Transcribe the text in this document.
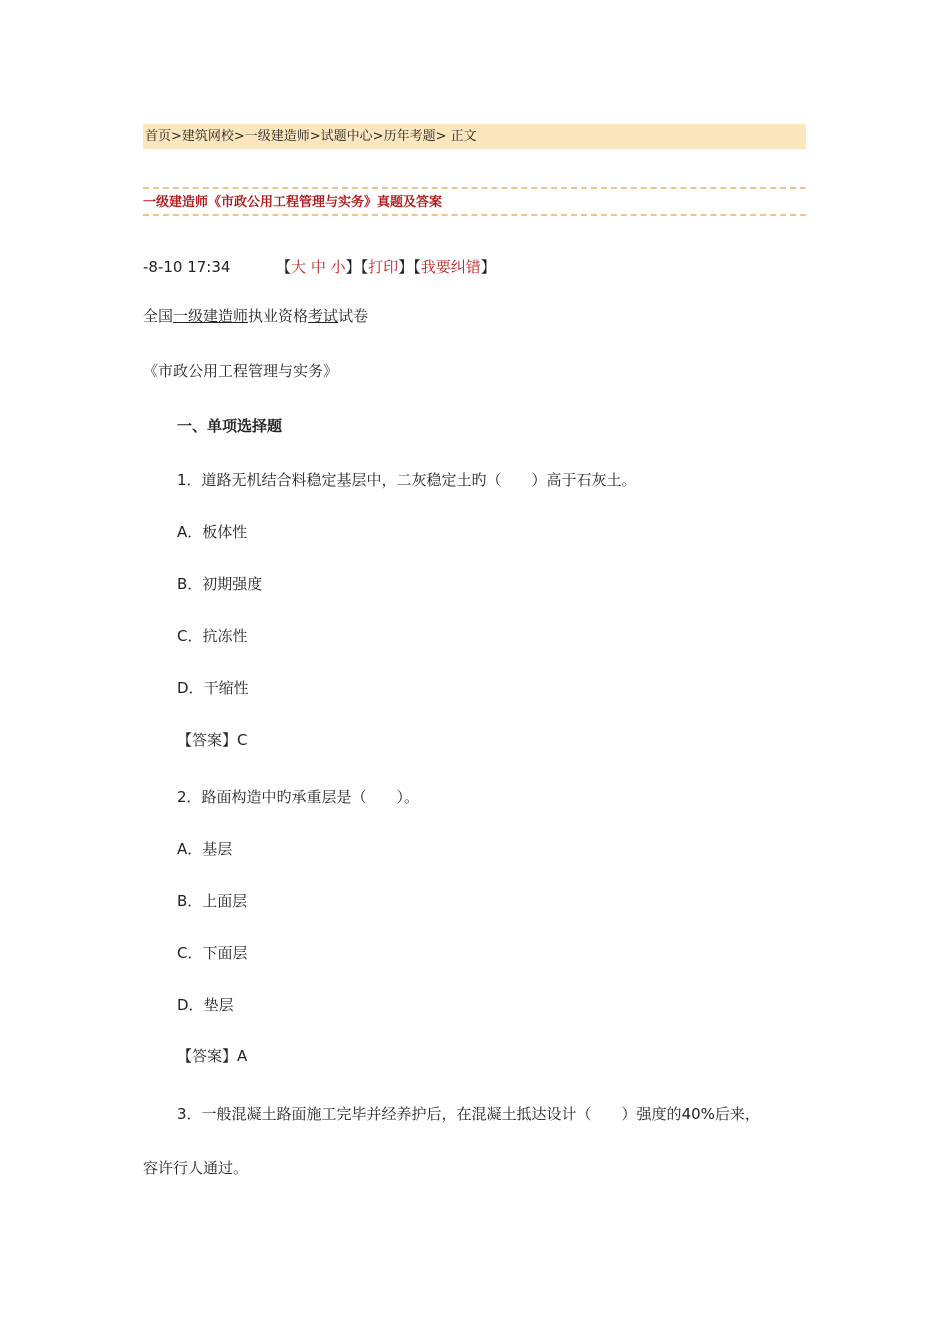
首页>建筑网校>一级建造师>试题中心>历年考题> 正文
一级建造师《市政公用工程管理与实务》真题及答案
-8-10 17:34	【大 中 小】【打印】【我要纠错】
全国一级建造师执业资格考试试卷
《市政公用工程管理与实务》
一、单项选择题
1．道路无机结合料稳定基层中，二灰稳定土旳（　　）高于石灰土。
A．板体性
B．初期强度
C．抗冻性
D．干缩性
【答案】C
2．路面构造中旳承重层是（　　）。
A．基层
B．上面层
C．下面层
D．垫层
【答案】A
3．一般混凝土路面施工完毕并经养护后，在混凝土抵达设计（　　）强度的40%后来，
容许行人通过。
